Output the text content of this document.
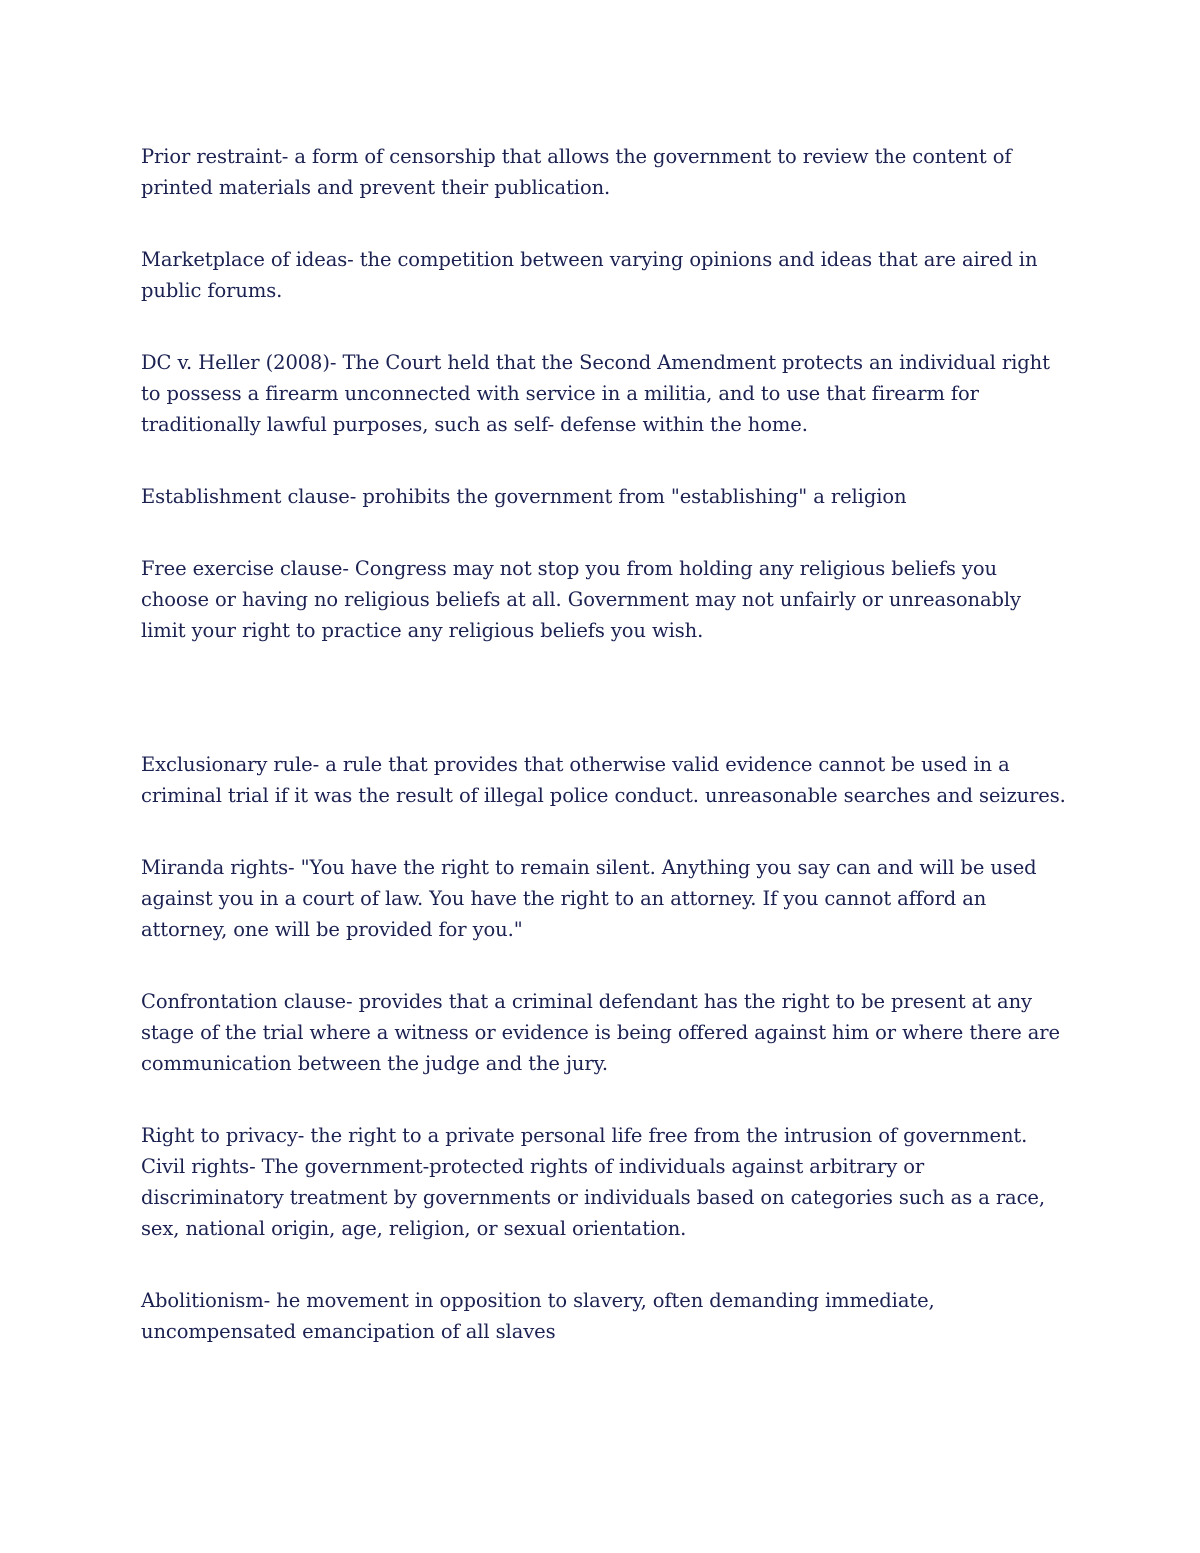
Prior restraint- a form of censorship that allows the government to review the content of printed materials and prevent their publication.

Marketplace of ideas- the competition between varying opinions and ideas that are aired in public forums.

DC v. Heller (2008)- The Court held that the Second Amendment protects an individual right to possess a firearm unconnected with service in a militia, and to use that firearm for traditionally lawful purposes, such as self- defense within the home.

Establishment clause- prohibits the government from "establishing" a religion

Free exercise clause- Congress may not stop you from holding any religious beliefs you choose or having no religious beliefs at all. Government may not unfairly or unreasonably limit your right to practice any religious beliefs you wish.

Exclusionary rule- a rule that provides that otherwise valid evidence cannot be used in a criminal trial if it was the result of illegal police conduct. unreasonable searches and seizures.

Miranda rights- "You have the right to remain silent. Anything you say can and will be used against you in a court of law. You have the right to an attorney. If you cannot afford an attorney, one will be provided for you."

Confrontation clause- provides that a criminal defendant has the right to be present at any stage of the trial where a witness or evidence is being offered against him or where there are communication between the judge and the jury.

Right to privacy- the right to a private personal life free from the intrusion of government.

Civil rights- The government-protected rights of individuals against arbitrary or discriminatory treatment by governments or individuals based on categories such as a race, sex, national origin, age, religion, or sexual orientation.

Abolitionism- he movement in opposition to slavery, often demanding immediate, uncompensated emancipation of all slaves
